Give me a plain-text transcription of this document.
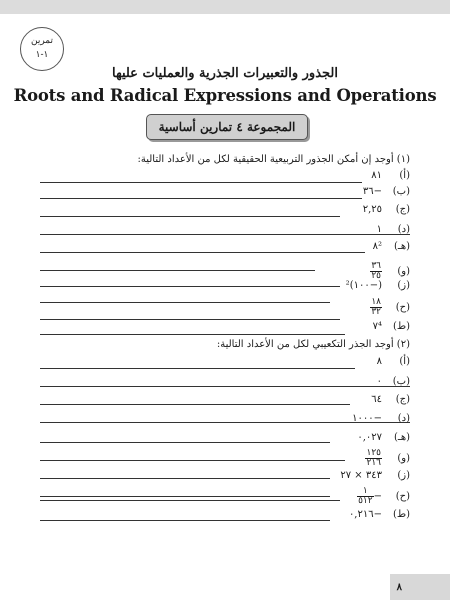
تمرين
١-١
الجذور والتعبيرات الجذرية والعمليات عليها
Roots and Radical Expressions and Operations
المجموعة ٤ تمارين أساسية
(١) أوجد إن أمكن الجذور التربيعية الحقيقية لكل من الأعداد التالية:
(أ)٨١
(ب)−٣٦
(ج)٢,٢٥
(د)١
(هـ)٨²
(و)
$\frac{٣٦}{٢٥}$
(ز)(−١٠٠)²
(ح)
$\frac{١٨}{٣٢}$
(ط)٧⁴
(٢) أوجد الجذر التكعيبي لكل من الأعداد التالية:
(أ)٨
(ب)٠
(ج)٦٤
(د)−١٠٠٠
(هـ)٠,٠٢٧
(و)
$\frac{١٢٥}{٢١٦}$
(ز)٣٤٣ × ٢٧
(ح)−
$\frac{١}{٥١٢}$
(ط)−٠,٢١٦
٨
